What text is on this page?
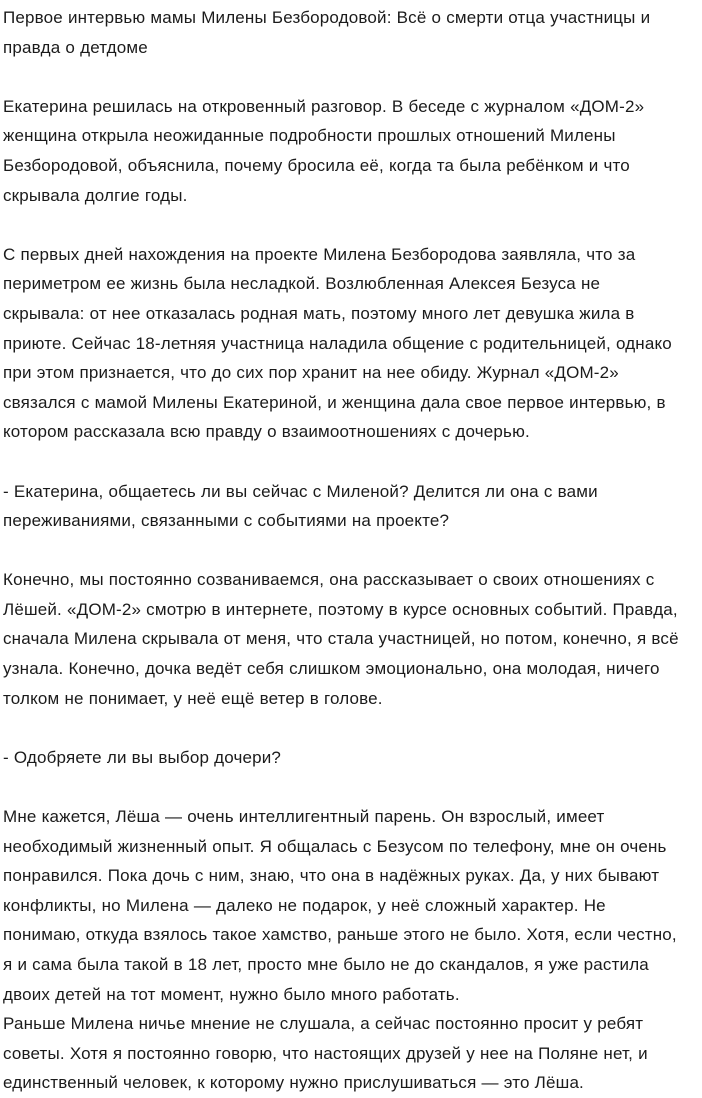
Первое интервью мамы Милены Безбородовой: Всё о смерти отца участницы и правда о детдоме

Екатерина решилась на откровенный разговор. В беседе с журналом «ДОМ-2» женщина открыла неожиданные подробности прошлых отношений Милены Безбородовой, объяснила, почему бросила её, когда та была ребёнком и что скрывала долгие годы.

С первых дней нахождения на проекте Милена Безбородова заявляла, что за периметром ее жизнь была несладкой. Возлюбленная Алексея Безуса не скрывала: от нее отказалась родная мать, поэтому много лет девушка жила в приюте. Сейчас 18-летняя участница наладила общение с родительницей, однако при этом признается, что до сих пор хранит на нее обиду. Журнал «ДОМ-2» связался с мамой Милены Екатериной, и женщина дала свое первое интервью, в котором рассказала всю правду о взаимоотношениях с дочерью.

- Екатерина, общаетесь ли вы сейчас с Миленой? Делится ли она с вами переживаниями, связанными с событиями на проекте?

Конечно, мы постоянно созваниваемся, она рассказывает о своих отношениях с Лёшей. «ДОМ-2» смотрю в интернете, поэтому в курсе основных событий. Правда, сначала Милена скрывала от меня, что стала участницей, но потом, конечно, я всё узнала. Конечно, дочка ведёт себя слишком эмоционально, она молодая, ничего толком не понимает, у неё ещё ветер в голове.

- Одобряете ли вы выбор дочери?

Мне кажется, Лёша — очень интеллигентный парень. Он взрослый, имеет необходимый жизненный опыт. Я общалась с Безусом по телефону, мне он очень понравился. Пока дочь с ним, знаю, что она в надёжных руках. Да, у них бывают конфликты, но Милена — далеко не подарок, у неё сложный характер. Не понимаю, откуда взялось такое хамство, раньше этого не было. Хотя, если честно, я и сама была такой в 18 лет, просто мне было не до скандалов, я уже растила двоих детей на тот момент, нужно было много работать.

Раньше Милена ничье мнение не слушала, а сейчас постоянно просит у ребят советы. Хотя я постоянно говорю, что настоящих друзей у нее на Поляне нет, и единственный человек, к которому нужно прислушиваться — это Лёша.
